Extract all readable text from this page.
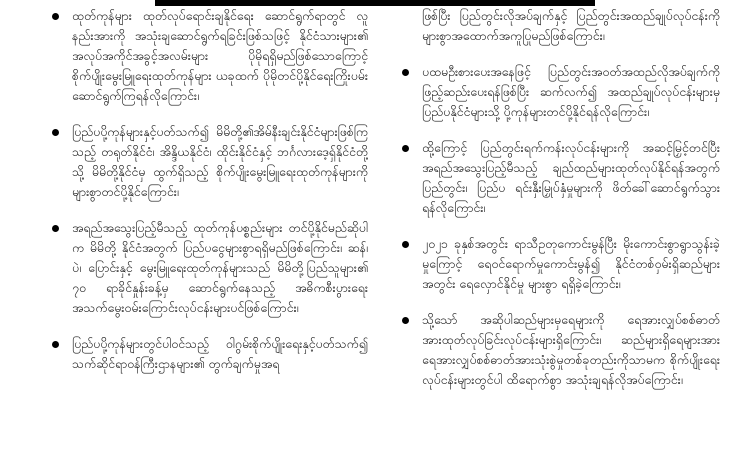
ထုတ်ကုန်များ ထုတ်လုပ်ရောင်းချနိုင်ရေး ဆောင်ရွက်ရာတွင် လူနည်းအားကို အသုံးချဆောင်ရွက်ရခြင်းဖြစ်သဖြင့် နိုင်ငံသားများ၏ အလုပ်အကိုင်အခွင့်အလမ်းများ ပိုမိုရရှိမည်ဖြစ်သောကြောင့် စိုက်ပျိုးမွေးမြူရေးထုတ်ကုန်များ ယခုထက် ပိုမိုတင်ပို့နိုင်ရေးကြိုးပမ်းဆောင်ရွက်ကြရန်လိုကြောင်း၊
ပြည်ပပို့ကုန်များနှင့်ပတ်သက်၍ မိမိတို့၏အိမ်နီးချင်းနိုင်ငံများဖြစ်ကြသည့် တရုတ်နိုင်ငံ၊ အိန္ဒိယနိုင်ငံ၊ ထိုင်းနိုင်ငံနှင့် ဘင်္ဂလားဒေ့ရှ်နိုင်ငံတို့သို့ မိမိတို့နိုင်ငံမှ ထွက်ရှိသည့် စိုက်ပျိုးမွေးမြူရေးထုတ်ကုန်များကို များစွာတင်ပို့နိုင်ကြောင်း၊
အရည်အသွေးပြည့်မီသည့် ထုတ်ကုန်ပစ္စည်းများ တင်ပို့နိုင်မည်ဆိုပါက မိမိတို့ နိုင်ငံအတွက် ပြည်ပငွေများစွာရရှိမည်ဖြစ်ကြောင်း၊ ဆန်၊ ပဲ၊ ပြောင်းနှင့် မွေးမြူရေးထုတ်ကုန်များသည် မိမိတို့ပြည်သူများ၏ ၇၀ ရာခိုင်နှုန်းခန့်မှ ဆောင်ရွက်နေသည့် အဓိကစီးပွားရေး အသက်မွေးဝမ်းကြောင်းလုပ်ငန်းများပင်ဖြစ်ကြောင်း၊
ပြည်ပပို့ကုန်များတွင်ပါဝင်သည့် ဝါဂွမ်းစိုက်ပျိုးရေးနှင့်ပတ်သက်၍ သက်ဆိုင်ရာဝန်ကြီးဌာနများ၏ တွက်ချက်မှုအရ
ဖြစ်ပြီး ပြည်တွင်းလိုအပ်ချက်နှင့် ပြည်တွင်းအထည်ချုပ်လုပ်ငန်းကို များစွာအထောက်အကူပြုမည်ဖြစ်ကြောင်း၊
ပထမဦးစားပေးအနေဖြင့် ပြည်တွင်းအဝတ်အထည်လိုအပ်ချက်ကို ဖြည့်ဆည်းပေးရန်ဖြစ်ပြီး ဆက်လက်၍ အထည်ချုပ်လုပ်ငန်းများမှ ပြည်ပနိုင်ငံများသို့ ပို့ကုန်များတင်ပို့နိုင်ရန်လိုကြောင်း၊
ထို့ကြောင့် ပြည်တွင်းရက်ကန်းလုပ်ငန်းများကို အဆင့်မြှင့်တင်ပြီး အရည်အသွေးပြည့်မီသည့် ချည်ထည်များထုတ်လုပ်နိုင်ရန်အတွက် ပြည်တွင်း၊ ပြည်ပ ရင်းနှီးမြှုပ်နှံမှုများကို ဖိတ်ခေါ်ဆောင်ရွက်သွားရန်လိုကြောင်း၊
၂၀၂၁ ခုနှစ်အတွင်း ရာသီဥတုကောင်းမွန်ပြီး မိုးကောင်းစွာရွာသွန်းခဲ့မှုကြောင့် ရေဝင်ရောက်မှုကောင်းမွန်၍ နိုင်ငံတစ်ဝှမ်းရှိဆည်များအတွင်း ရေလှောင်နိုင်မှု များစွာ ရရှိခဲ့ကြောင်း၊
သို့သော် အဆိုပါဆည်များမှရေများကို ရေအားလျှပ်စစ်ဓာတ်အားထုတ်လုပ်ခြင်းလုပ်ငန်းများရှိကြောင်း၊ ဆည်များရှိရေများအား ရေအားလျှပ်စစ်ဓာတ်အားသုံးစွဲမှုတစ်ခုတည်းကိုသာမက စိုက်ပျိုးရေးလုပ်ငန်းများတွင်ပါ ထိရောက်စွာ အသုံးချရန်လိုအပ်ကြောင်း၊
